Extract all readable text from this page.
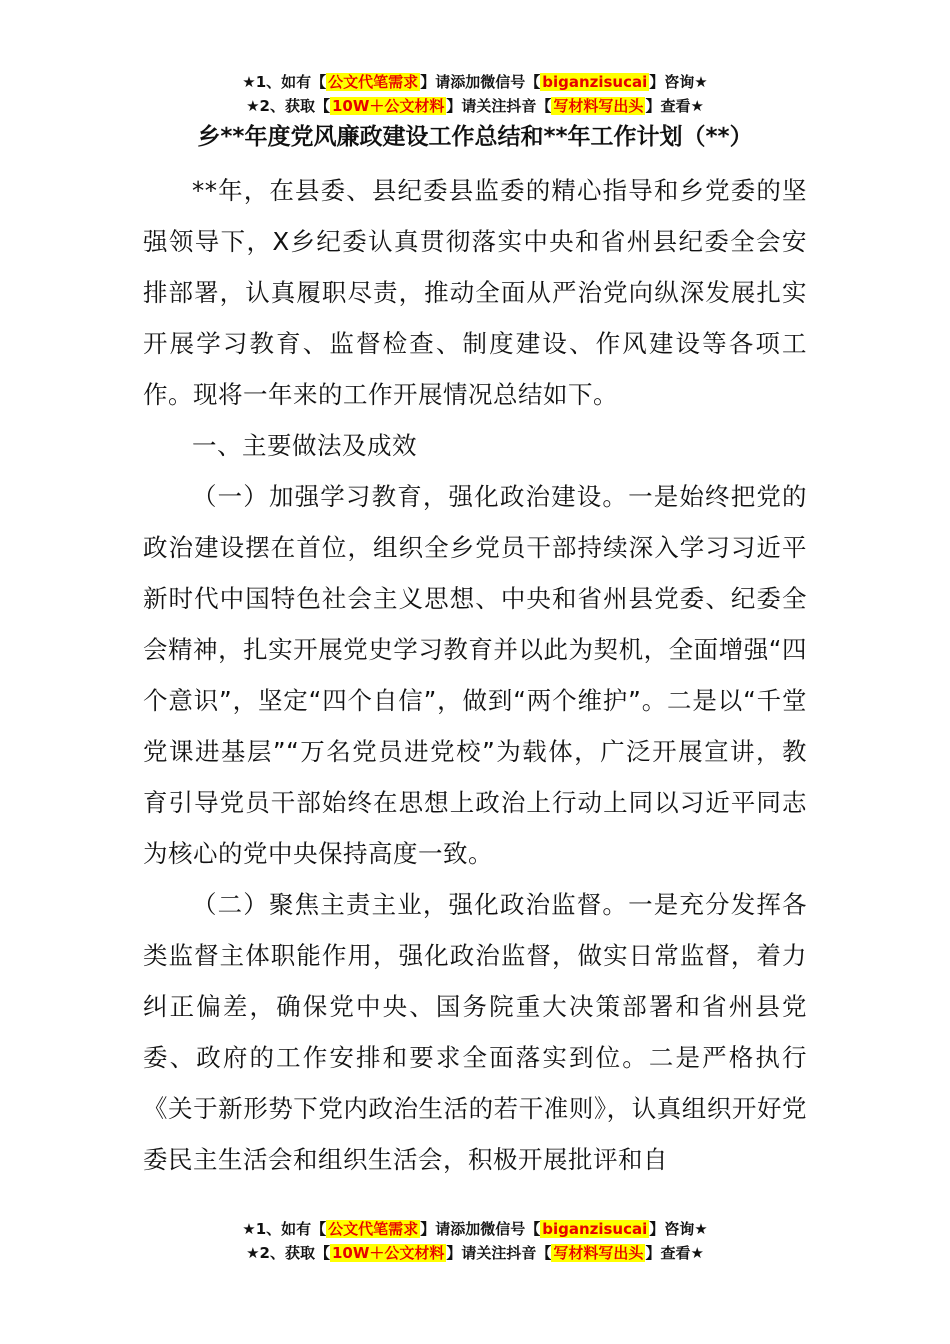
★1、如有【 公文代笔需求 】请添加微信号【 biganzisucai 】咨询★
★2、获取【 10W＋公文材料 】请关注抖音【 写材料写出头 】查看★
乡**年度党风廉政建设工作总结和**年工作计划（**）

**年，在县委、县纪委县监委的精心指导和乡党委的坚强领导下，X乡纪委认真贯彻落实中央和省州县纪委全会安排部署，认真履职尽责，推动全面从严治党向纵深发展扎实开展学习教育、监督检查、制度建设、作风建设等各项工作。现将一年来的工作开展情况总结如下。

一、主要做法及成效

（一）加强学习教育，强化政治建设。一是始终把党的政治建设摆在首位，组织全乡党员干部持续深入学习习近平新时代中国特色社会主义思想、中央和省州县党委、纪委全会精神，扎实开展党史学习教育并以此为契机，全面增强“四个意识”，坚定“四个自信”，做到“两个维护”。二是以“千堂党课进基层”“万名党员进党校”为载体，广泛开展宣讲，教育引导党员干部始终在思想上政治上行动上同以习近平同志为核心的党中央保持高度一致。

（二）聚焦主责主业，强化政治监督。一是充分发挥各类监督主体职能作用，强化政治监督，做实日常监督，着力纠正偏差，确保党中央、国务院重大决策部署和省州县党委、政府的工作安排和要求全面落实到位。二是严格执行《关于新形势下党内政治生活的若干准则》，认真组织开好党委民主生活会和组织生活会，积极开展批评和自

★1、如有【 公文代笔需求 】请添加微信号【 biganzisucai 】咨询★
★2、获取【 10W＋公文材料 】请关注抖音【 写材料写出头 】查看★
